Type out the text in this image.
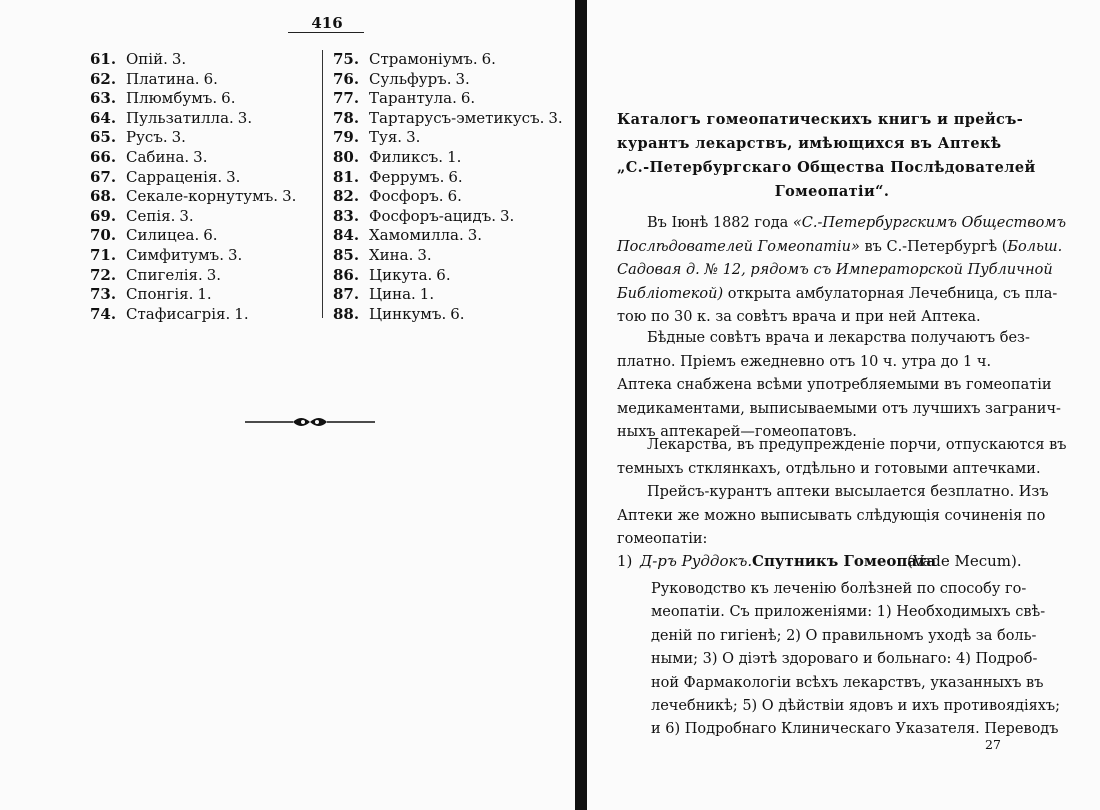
416
61. Опій. 3.
62. Платина. 6.
63. Плюмбумъ. 6.
64. Пульзатилла. 3.
65. Русъ. 3.
66. Сабина. 3.
67. Сарраценія. 3.
68. Секале-корнутумъ. 3.
69. Сепія. 3.
70. Силицеа. 6.
71. Симфитумъ. 3.
72. Спигелія. 3.
73. Спонгія. 1.
74. Стафисагрія. 1.
75. Страмоніумъ. 6.
76. Сульфуръ. 3.
77. Тарантула. 6.
78. Тартарусъ-эметикусъ. 3.
79. Туя. 3.
80. Филиксъ. 1.
81. Феррумъ. 6.
82. Фосфоръ. 6.
83. Фосфоръ-ацидъ. 3.
84. Хамомилла. 3.
85. Хина. 3.
86. Цикута. 6.
87. Цина. 1.
88. Цинкумъ. 6.
Каталогъ гомеопатическихъ книгъ и прейсъ-
курантъ лекарствъ, имѣющихся въ Аптекѣ
„С.-Петербургскаго Общества Послѣдователей
Гомеопатіи“.

Въ Іюнѣ 1882 года «С.-Петербургскимъ Обществомъ
Послѣдователей Гомеопатіи» въ С.-Петербургѣ (Больш.
Садовая д. № 12, рядомъ съ Императорской Публичной
Библіотекой) открыта амбулаторная Лечебница, съ пла-
тою по 30 к. за совѣтъ врача и при ней Аптека.

Бѣдные совѣтъ врача и лекарства получаютъ без-
платно. Пріемъ ежедневно отъ 10 ч. утра до 1 ч.
Аптека снабжена всѣми употребляемыми въ гомеопатіи
медикаментами, выписываемыми отъ лучшихъ загранич-
ныхъ аптекарей—гомеопатовъ.

Лекарства, въ предупрежденіе порчи, отпускаются въ
темныхъ стклянкахъ, отдѣльно и готовыми аптечками.

Прейсъ-курантъ аптеки высылается безплатно. Изъ
Аптеки же можно выписывать слѣдующія сочиненія по
гомеопатіи:

1) Д-ръ Руддокъ. Спутникъ Гомеопата
(Vade Mecum).

Руководство къ леченію болѣзней по способу го-
меопатіи. Съ приложеніями: 1) Необходимыхъ свѣ-
деній по гигіенѣ; 2) О правильномъ уходѣ за боль-
ными; 3) О діэтѣ здороваго и больнаго: 4) Подроб-
ной Фармакологіи всѣхъ лекарствъ, указанныхъ въ
лечебникѣ; 5) О дѣйствіи ядовъ и ихъ противоядіяхъ;
и 6) Подробнаго Клиническаго Указателя. Переводъ

27
